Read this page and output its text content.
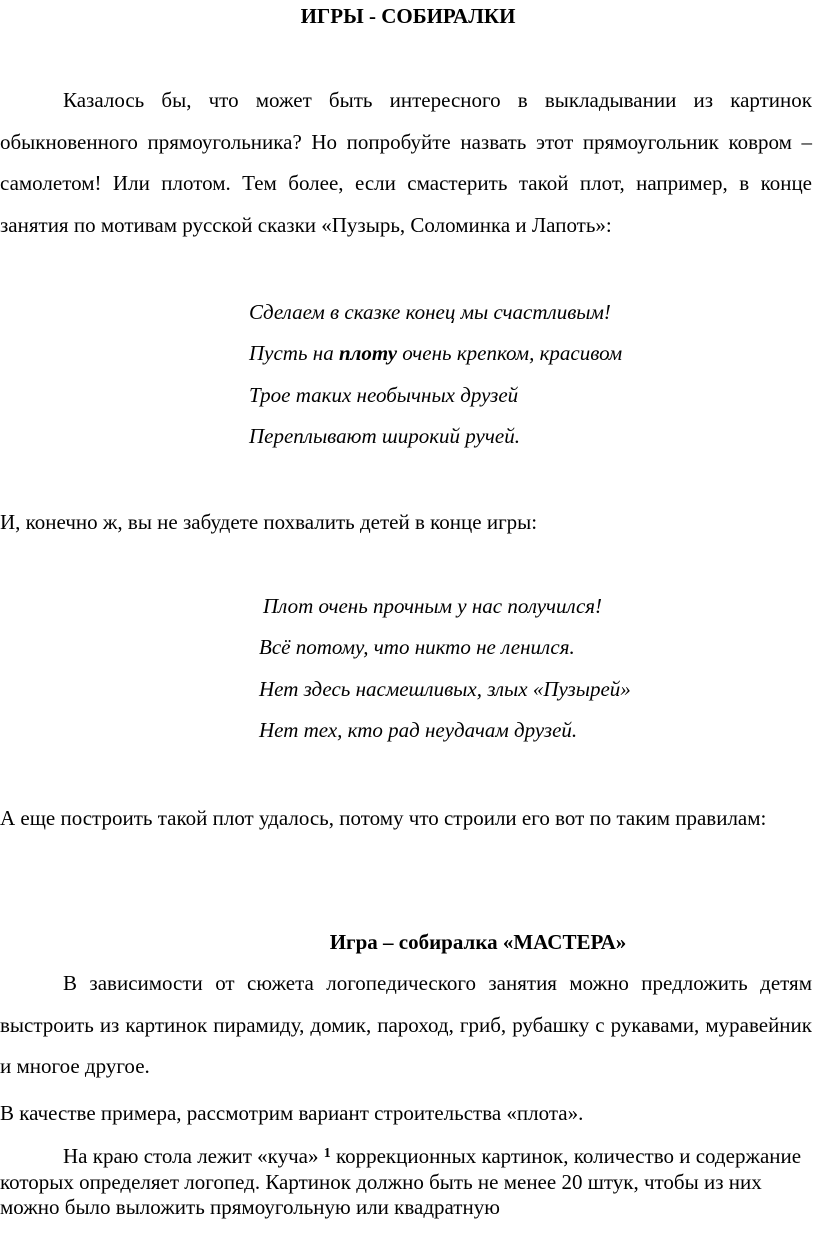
ИГРЫ - СОБИРАЛКИ

Казалось бы, что может быть интересного в выкладывании из картинок обыкновенного прямоугольника? Но попробуйте назвать этот прямоугольник ковром –самолетом! Или плотом. Тем более, если смастерить такой плот, например, в конце занятия по мотивам русской сказки «Пузырь, Соломинка и Лапоть»:

Сделаем в сказке конец мы счастливым!
Пусть на плоту очень крепком, красивом
Трое таких необычных друзей
Переплывают широкий ручей.

И, конечно ж, вы не забудете похвалить детей в конце игры:

Плот очень прочным у нас получился!
Всё потому, что никто не ленился.
Нет здесь насмешливых, злых «Пузырей»
Нет тех, кто рад неудачам друзей.

А еще построить такой плот удалось, потому что строили его вот по таким правилам:

Игра – собиралка «МАСТЕРА»

В зависимости от сюжета логопедического занятия можно предложить детям выстроить из картинок пирамиду, домик, пароход, гриб, рубашку с рукавами, муравейник и многое другое.

В качестве примера, рассмотрим вариант строительства «плота».

На краю стола лежит «куча» $^1$ коррекционных картинок, количество и содержание которых определяет логопед. Картинок должно быть не менее 20 штук, чтобы из них можно было выложить прямоугольную или квадратную
